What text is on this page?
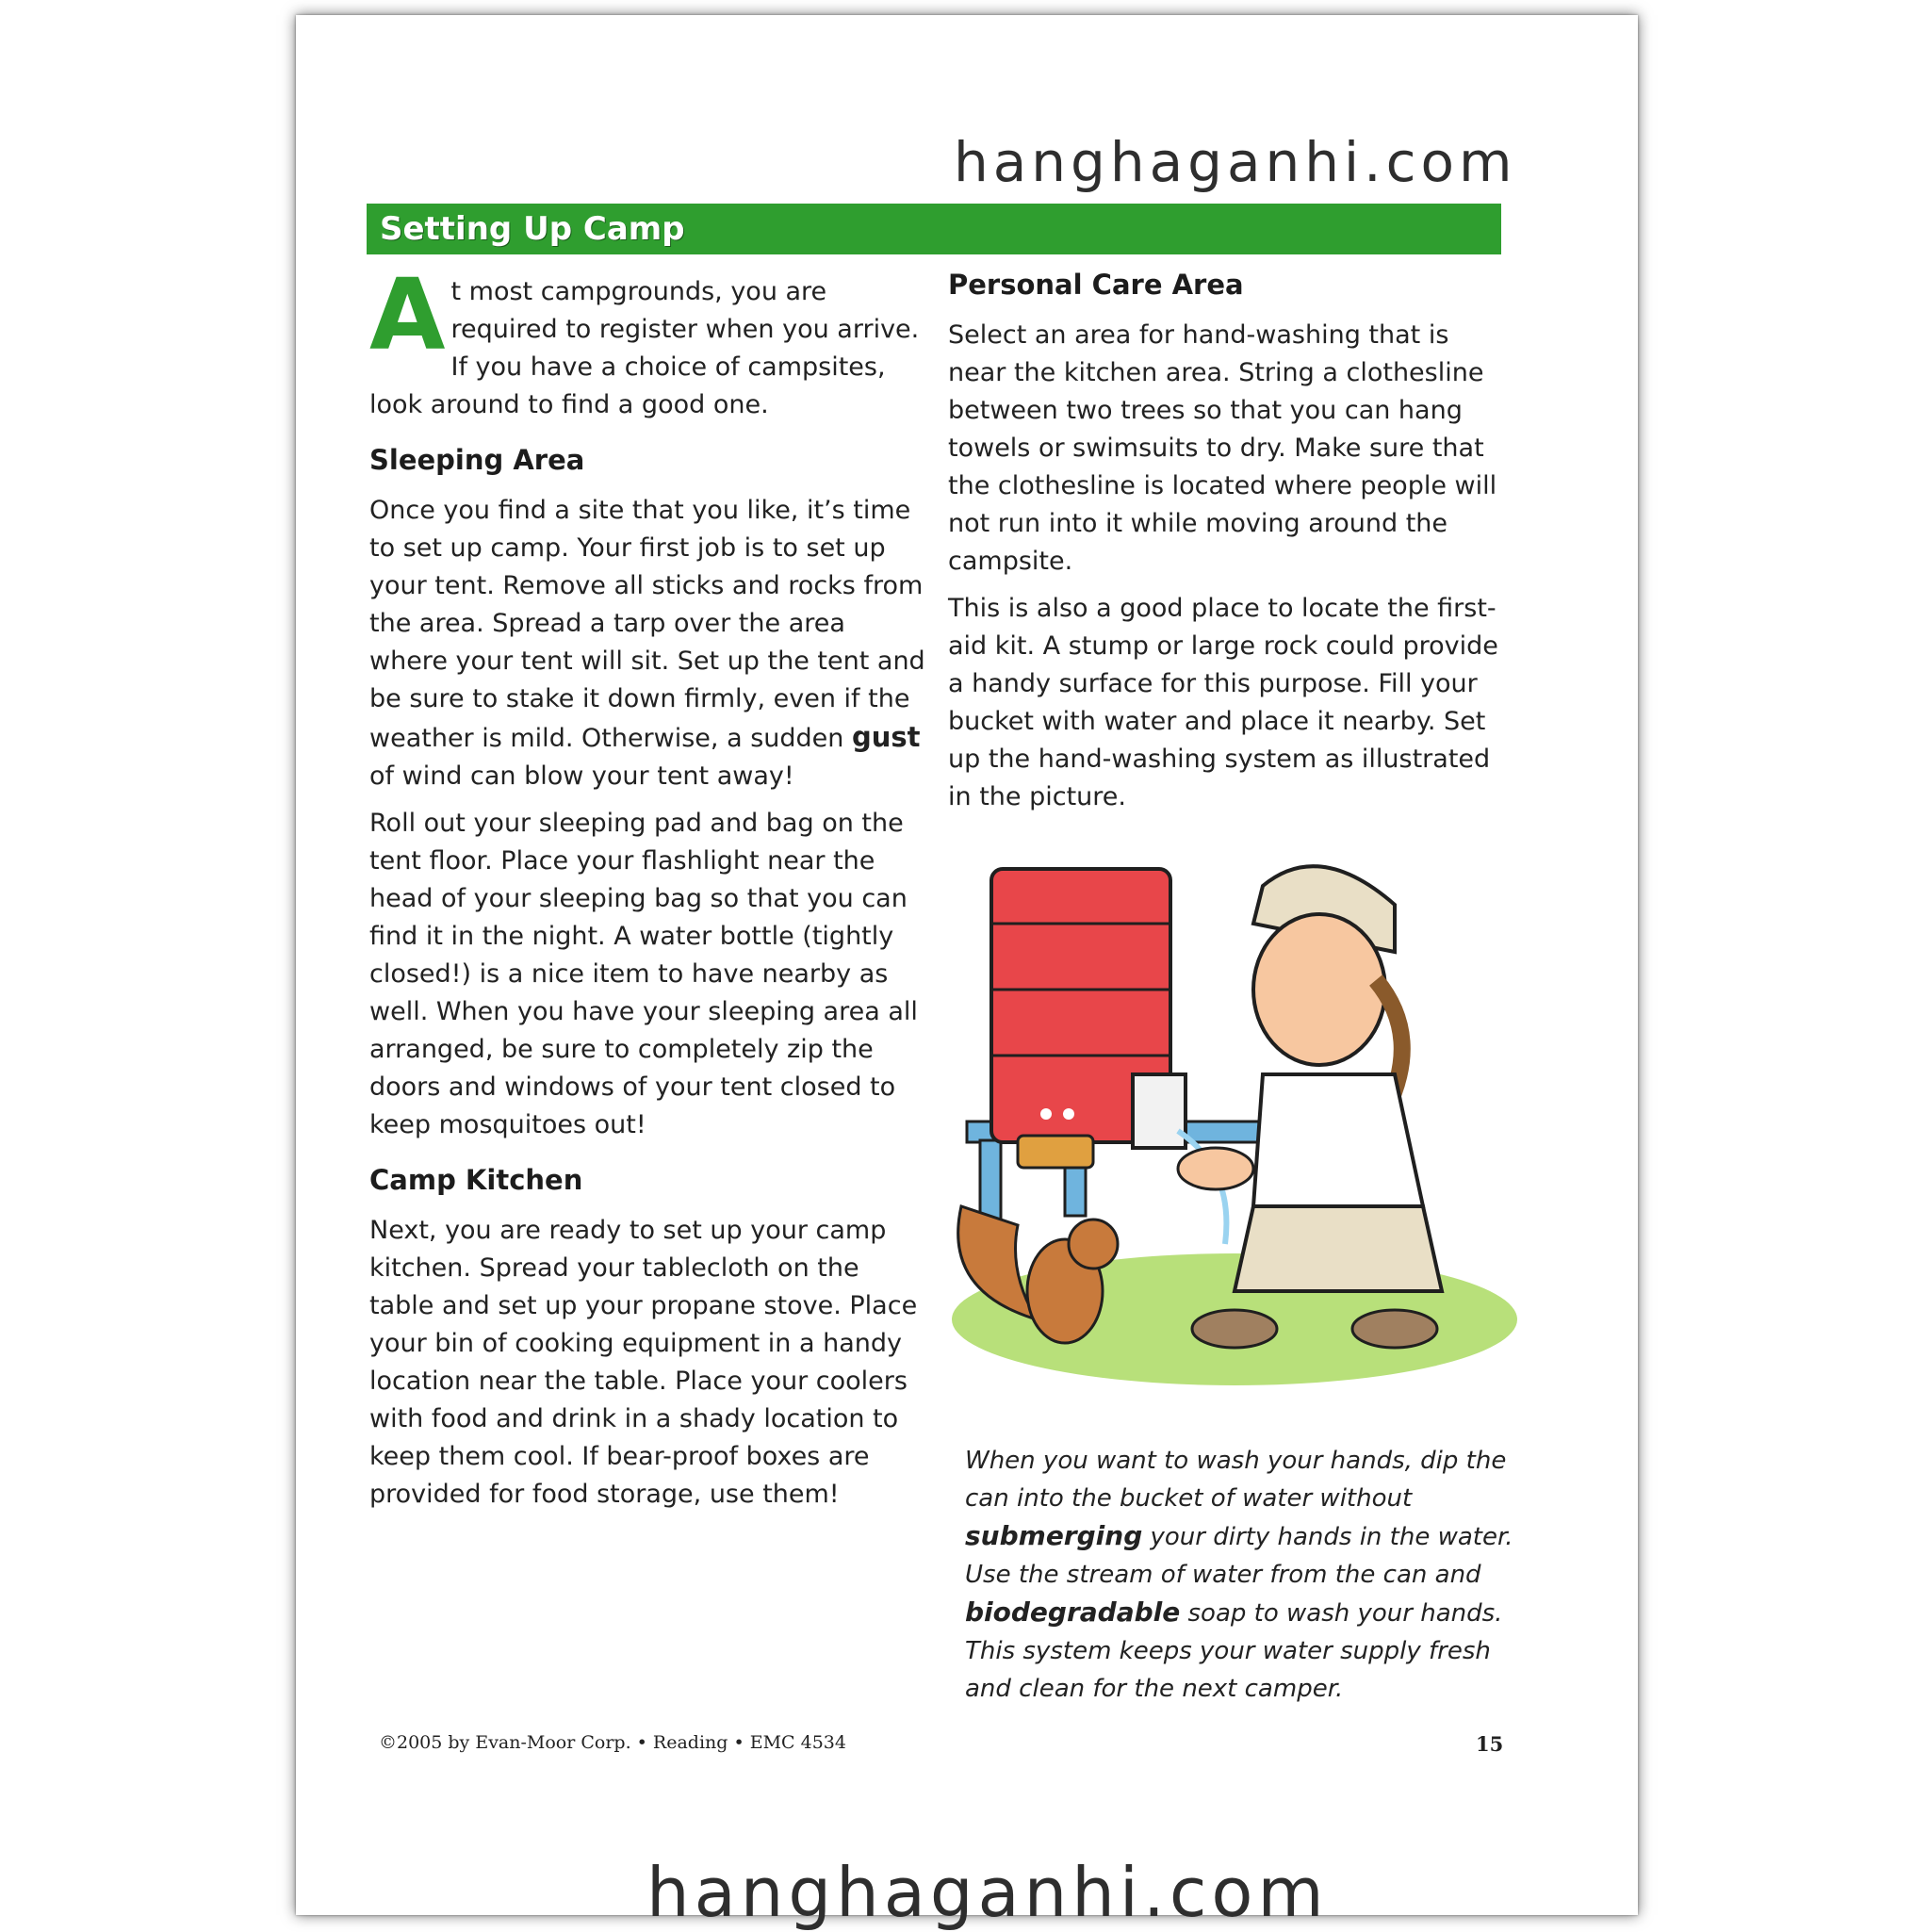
hanghaganhi.com
Setting Up Camp

At most campgrounds, you are required to register when you arrive. If you have a choice of campsites, look around to find a good one.

Sleeping Area

Once you find a site that you like, it’s time to set up camp. Your first job is to set up your tent. Remove all sticks and rocks from the area. Spread a tarp over the area where your tent will sit. Set up the tent and be sure to stake it down firmly, even if the weather is mild. Otherwise, a sudden gust of wind can blow your tent away!

Roll out your sleeping pad and bag on the tent floor. Place your flashlight near the head of your sleeping bag so that you can find it in the night. A water bottle (tightly closed!) is a nice item to have nearby as well. When you have your sleeping area all arranged, be sure to completely zip the doors and windows of your tent closed to keep mosquitoes out!

Camp Kitchen

Next, you are ready to set up your camp kitchen. Spread your tablecloth on the table and set up your propane stove. Place your bin of cooking equipment in a handy location near the table. Place your coolers with food and drink in a shady location to keep them cool. If bear-proof boxes are provided for food storage, use them!

Personal Care Area

Select an area for hand-washing that is near the kitchen area. String a clothesline between two trees so that you can hang towels or swimsuits to dry. Make sure that the clothesline is located where people will not run into it while moving around the campsite.

This is also a good place to locate the first-aid kit. A stump or large rock could provide a handy surface for this purpose. Fill your bucket with water and place it nearby. Set up the hand-washing system as illustrated in the picture.

When you want to wash your hands, dip the can into the bucket of water without submerging your dirty hands in the water. Use the stream of water from the can and biodegradable soap to wash your hands. This system keeps your water supply fresh and clean for the next camper.
©2005 by Evan-Moor Corp. • Reading • EMC 4534	15
hanghaganhi.com
